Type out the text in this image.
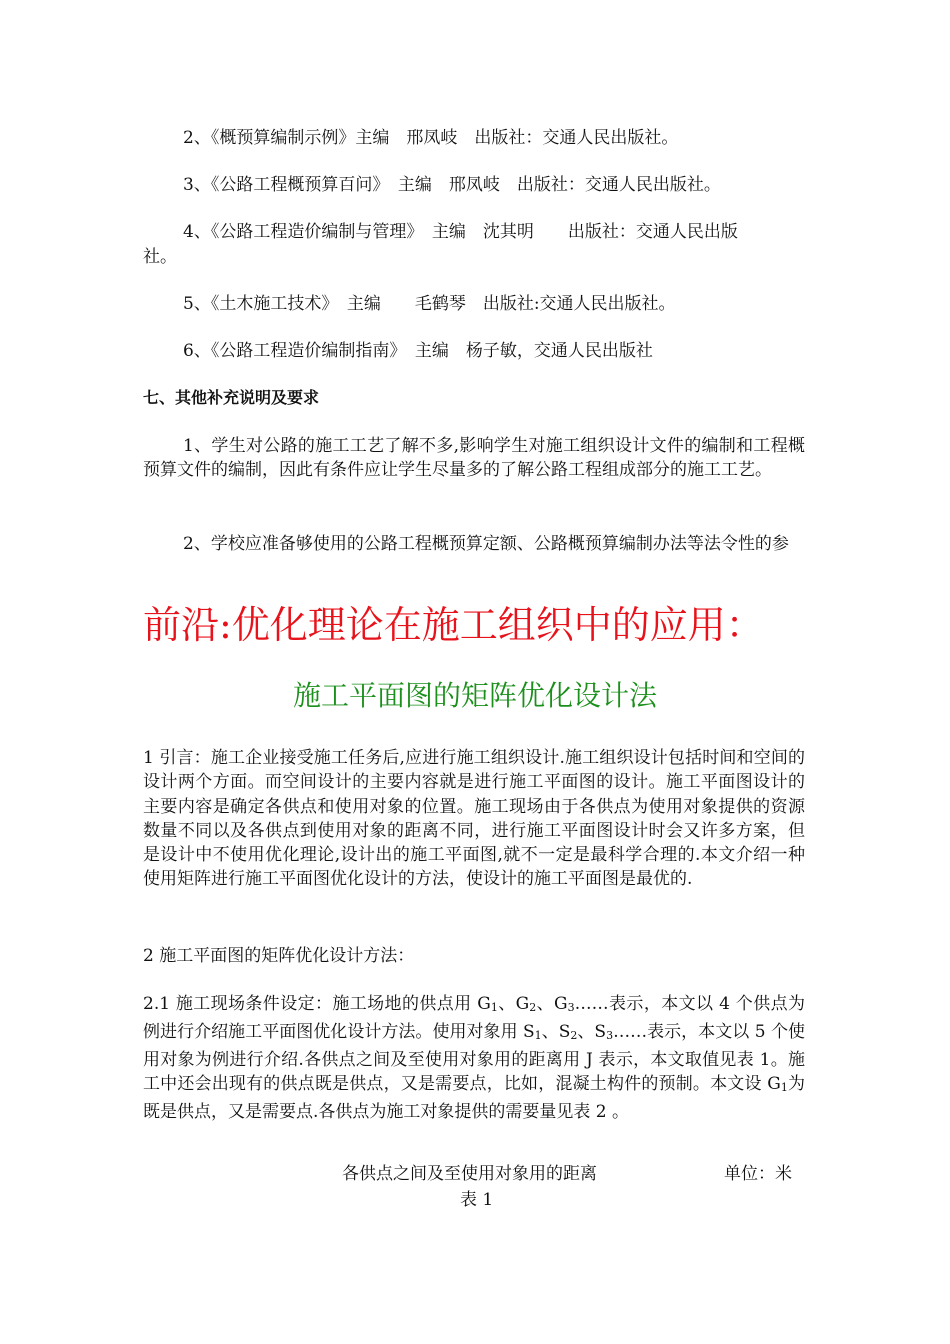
2、《概预算编制示例》主编　邢凤岐　出版社：交通人民出版社。
3、《公路工程概预算百问》　主编　邢凤岐　出版社：交通人民出版社。
4、《公路工程造价编制与管理》　主编　沈其明　　出版社：交通人民出版
社。
5、《土木施工技术》　主编　　毛鹤琴　出版社:交通人民出版社。
6、《公路工程造价编制指南》　主编　杨子敏，交通人民出版社
七、其他补充说明及要求
1、学生对公路的施工工艺了解不多,影响学生对施工组织设计文件的编制和工程概预算文件的编制，因此有条件应让学生尽量多的了解公路工程组成部分的施工工艺。
2、学校应准备够使用的公路工程概预算定额、公路概预算编制办法等法令性的参
前沿:优化理论在施工组织中的应用：
施工平面图的矩阵优化设计法
1 引言：施工企业接受施工任务后,应进行施工组织设计.施工组织设计包括时间和空间的设计两个方面。而空间设计的主要内容就是进行施工平面图的设计。施工平面图设计的主要内容是确定各供点和使用对象的位置。施工现场由于各供点为使用对象提供的资源数量不同以及各供点到使用对象的距离不同，进行施工平面图设计时会又许多方案，但是设计中不使用优化理论,设计出的施工平面图,就不一定是最科学合理的.本文介绍一种使用矩阵进行施工平面图优化设计的方法，使设计的施工平面图是最优的.
2 施工平面图的矩阵优化设计方法：
2.1 施工现场条件设定：施工场地的供点用 G1、G2、G3……表示，本文以 4 个供点为例进行介绍施工平面图优化设计方法。使用对象用 S1、S2、S3……表示，本文以 5 个使用对象为例进行介绍.各供点之间及至使用对象用的距离用 J 表示，本文取值见表 1。施工中还会出现有的供点既是供点，又是需要点，比如，混凝土构件的预制。本文设 G1为既是供点，又是需要点.各供点为施工对象提供的需要量见表 2 。
各供点之间及至使用对象用的距离	单位：米
表 1
